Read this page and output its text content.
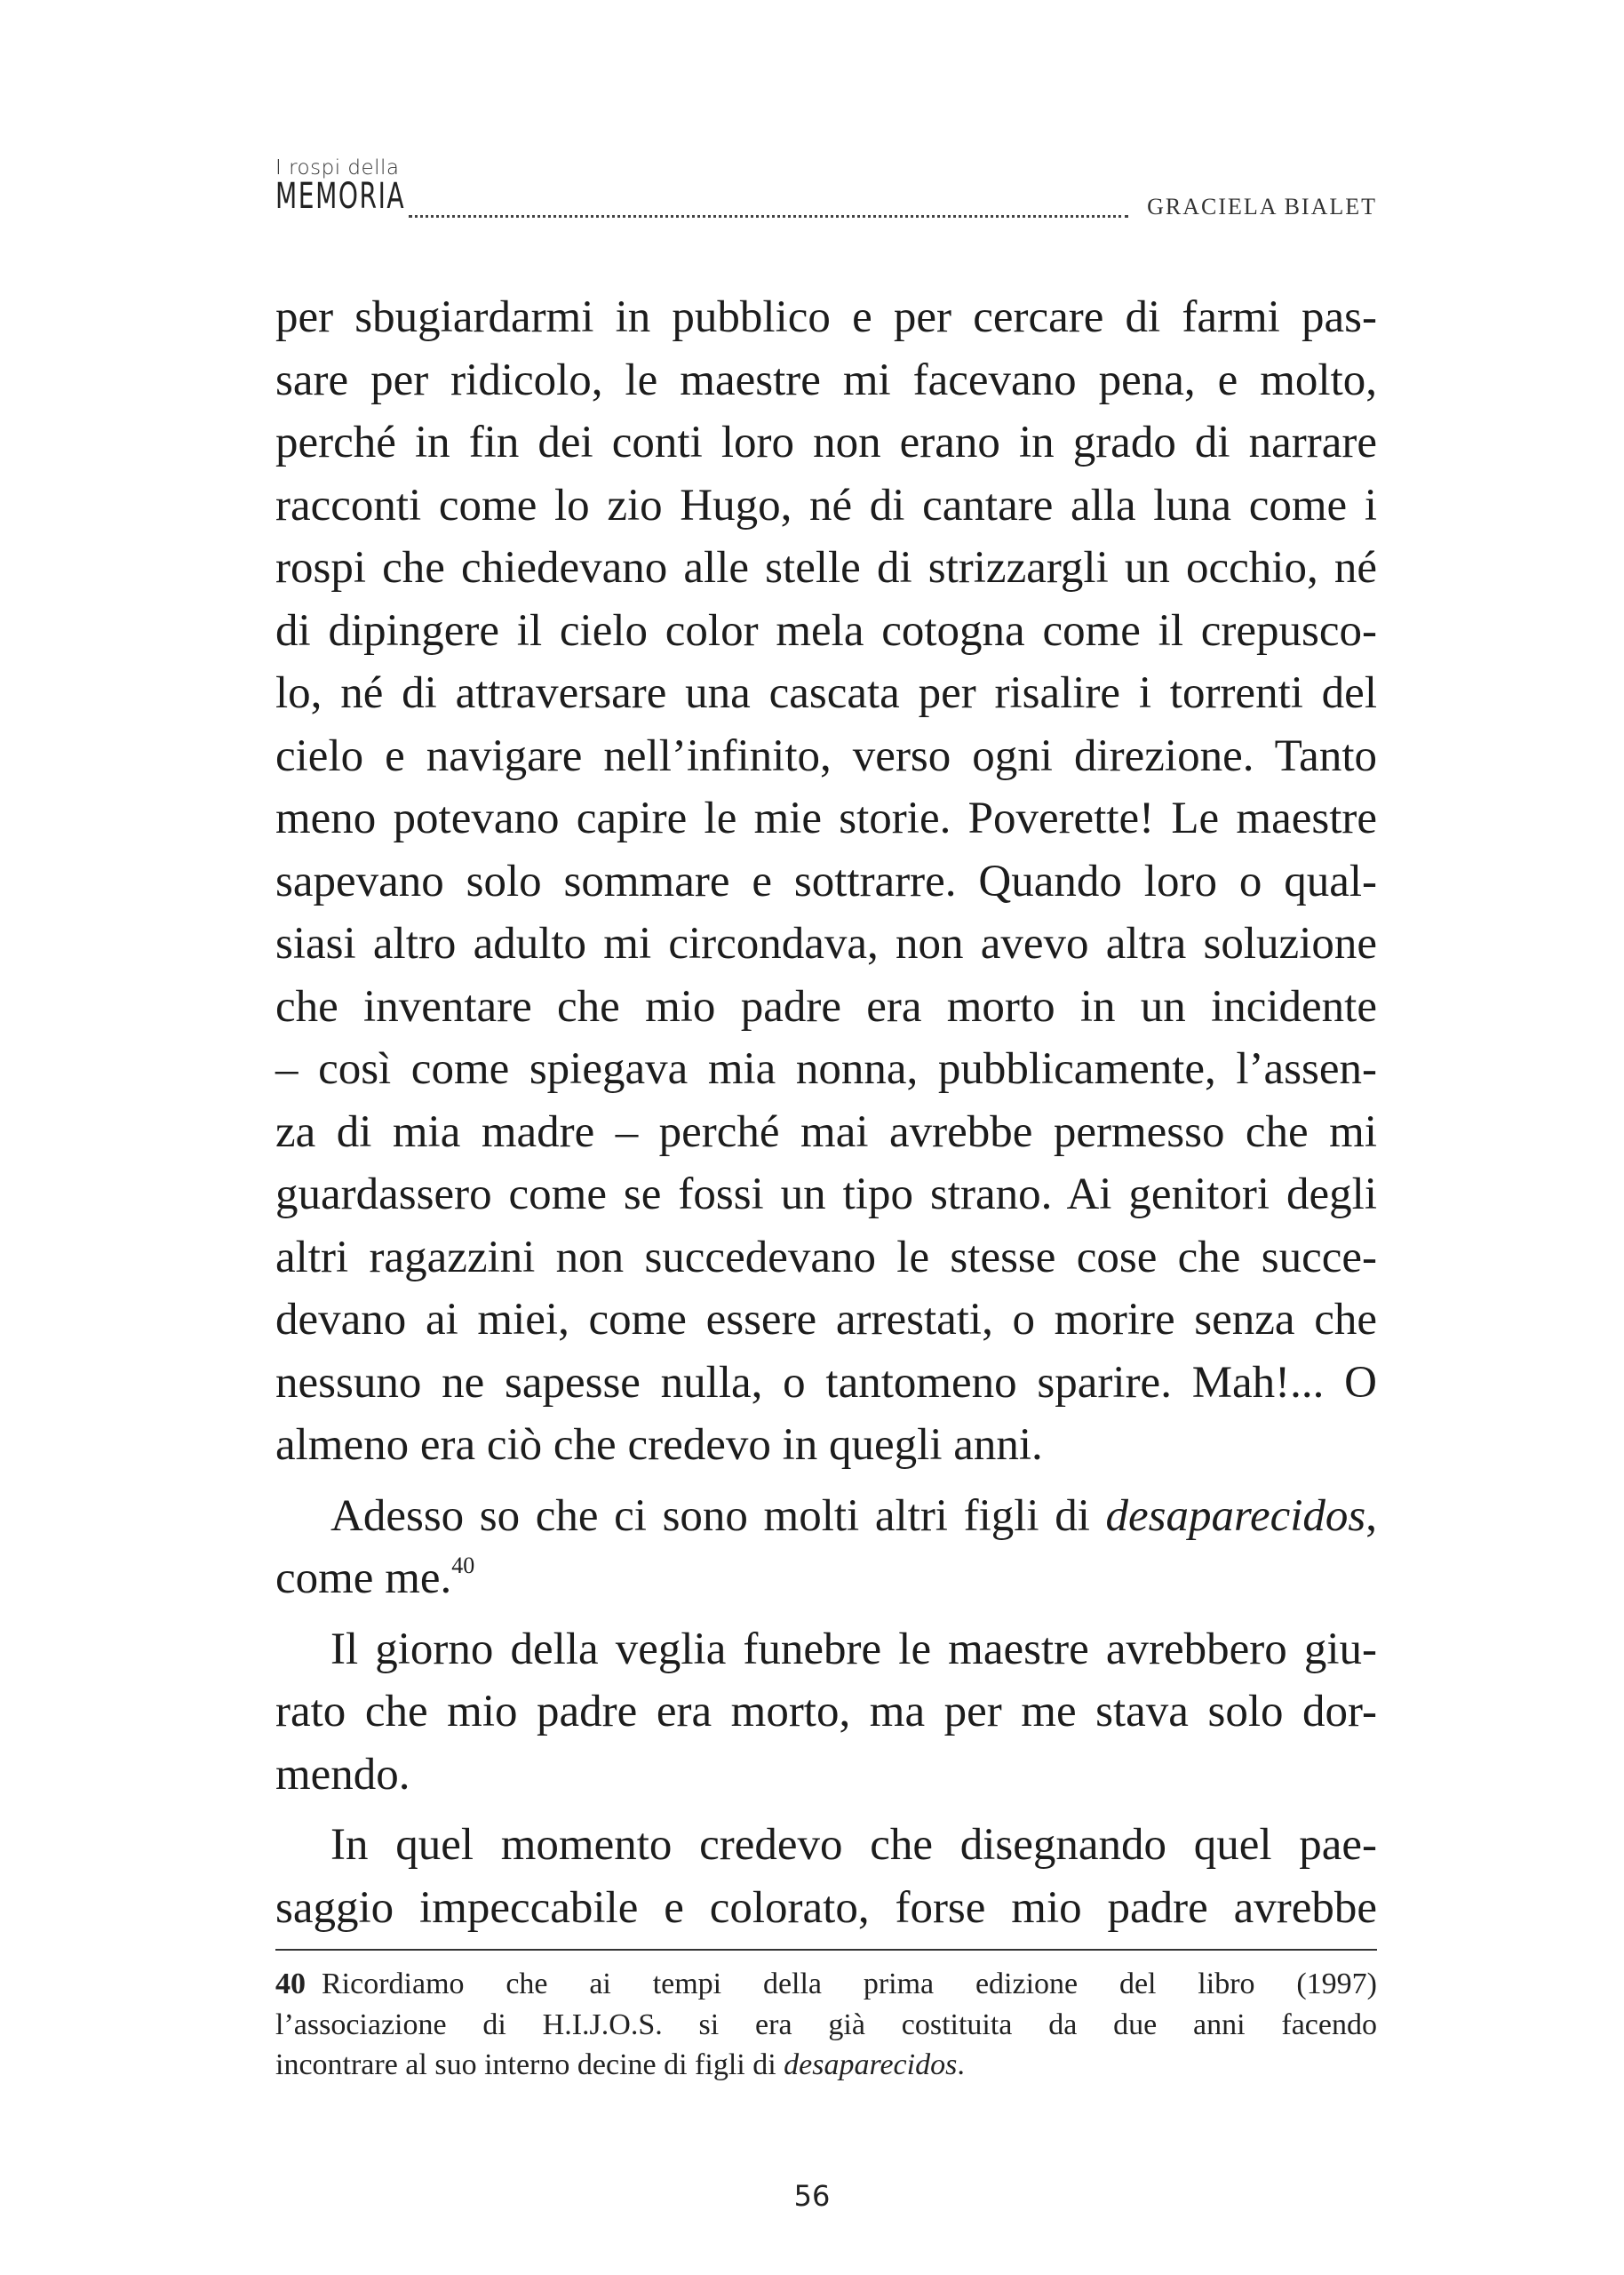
I rospi della
MEMORIA	GRACIELA BIALET
per sbugiardarmi in pubblico e per cercare di farmi pas-
sare per ridicolo, le maestre mi facevano pena, e molto,
perché in fin dei conti loro non erano in grado di narrare
racconti come lo zio Hugo, né di cantare alla luna come i
rospi che chiedevano alle stelle di strizzargli un occhio, né
di dipingere il cielo color mela cotogna come il crepusco-
lo, né di attraversare una cascata per risalire i torrenti del
cielo e navigare nell’infinito, verso ogni direzione. Tanto
meno potevano capire le mie storie. Poverette! Le maestre
sapevano solo sommare e sottrarre. Quando loro o qual-
siasi altro adulto mi circondava, non avevo altra soluzione
che inventare che mio padre era morto in un incidente
– così come spiegava mia nonna, pubblicamente, l’assen-
za di mia madre – perché mai avrebbe permesso che mi
guardassero come se fossi un tipo strano. Ai genitori degli
altri ragazzini non succedevano le stesse cose che succe-
devano ai miei, come essere arrestati, o morire senza che
nessuno ne sapesse nulla, o tantomeno sparire. Mah!... O
almeno era ciò che credevo in quegli anni.
Adesso so che ci sono molti altri figli di desaparecidos,
come me.$^{40}$
Il giorno della veglia funebre le maestre avrebbero giu-
rato che mio padre era morto, ma per me stava solo dor-
mendo.
In quel momento credevo che disegnando quel pae-
saggio impeccabile e colorato, forse mio padre avrebbe
40 Ricordiamo che ai tempi della prima edizione del libro (1997)
l’associazione di H.I.J.O.S. si era già costituita da due anni facendo
incontrare al suo interno decine di figli di desaparecidos.
56
